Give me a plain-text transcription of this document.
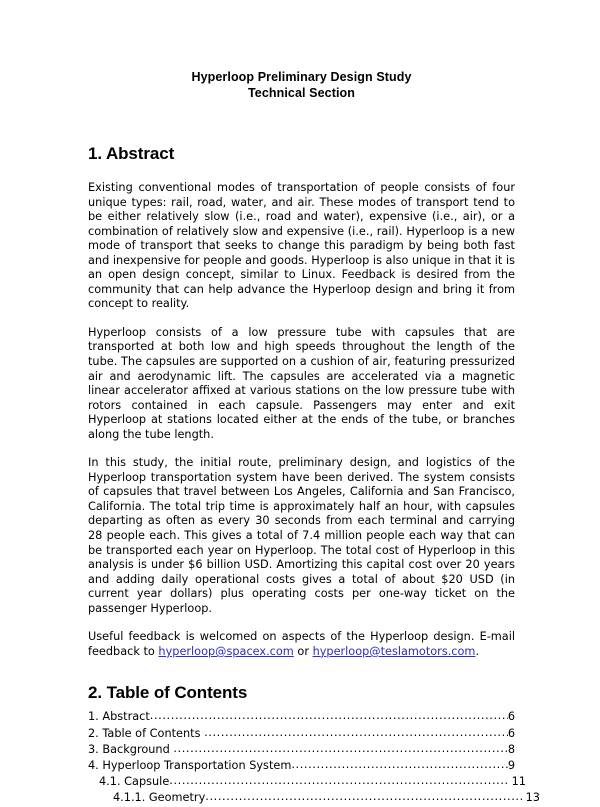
Hyperloop Preliminary Design Study
Technical Section
1. Abstract

Existing conventional modes of transportation of people consists of four unique types: rail, road, water, and air. These modes of transport tend to be either relatively slow (i.e., road and water), expensive (i.e., air), or a combination of relatively slow and expensive (i.e., rail). Hyperloop is a new mode of transport that seeks to change this paradigm by being both fast and inexpensive for people and goods. Hyperloop is also unique in that it is an open design concept, similar to Linux. Feedback is desired from the community that can help advance the Hyperloop design and bring it from concept to reality.

Hyperloop consists of a low pressure tube with capsules that are transported at both low and high speeds throughout the length of the tube. The capsules are supported on a cushion of air, featuring pressurized air and aerodynamic lift. The capsules are accelerated via a magnetic linear accelerator affixed at various stations on the low pressure tube with rotors contained in each capsule. Passengers may enter and exit Hyperloop at stations located either at the ends of the tube, or branches along the tube length.

In this study, the initial route, preliminary design, and logistics of the Hyperloop transportation system have been derived. The system consists of capsules that travel between Los Angeles, California and San Francisco, California. The total trip time is approximately half an hour, with capsules departing as often as every 30 seconds from each terminal and carrying 28 people each. This gives a total of 7.4 million people each way that can be transported each year on Hyperloop. The total cost of Hyperloop in this analysis is under $6 billion USD. Amortizing this capital cost over 20 years and adding daily operational costs gives a total of about $20 USD (in current year dollars) plus operating costs per one-way ticket on the passenger Hyperloop.

Useful feedback is welcomed on aspects of the Hyperloop design. E-mail feedback to hyperloop@spacex.com or hyperloop@teslamotors.com.

2. Table of Contents
1. Abstract .....	6
2. Table of Contents .....	6
3. Background .....	8
4. Hyperloop Transportation System .....	9
4.1. Capsule .....	11
4.1.1. Geometry .....	13
